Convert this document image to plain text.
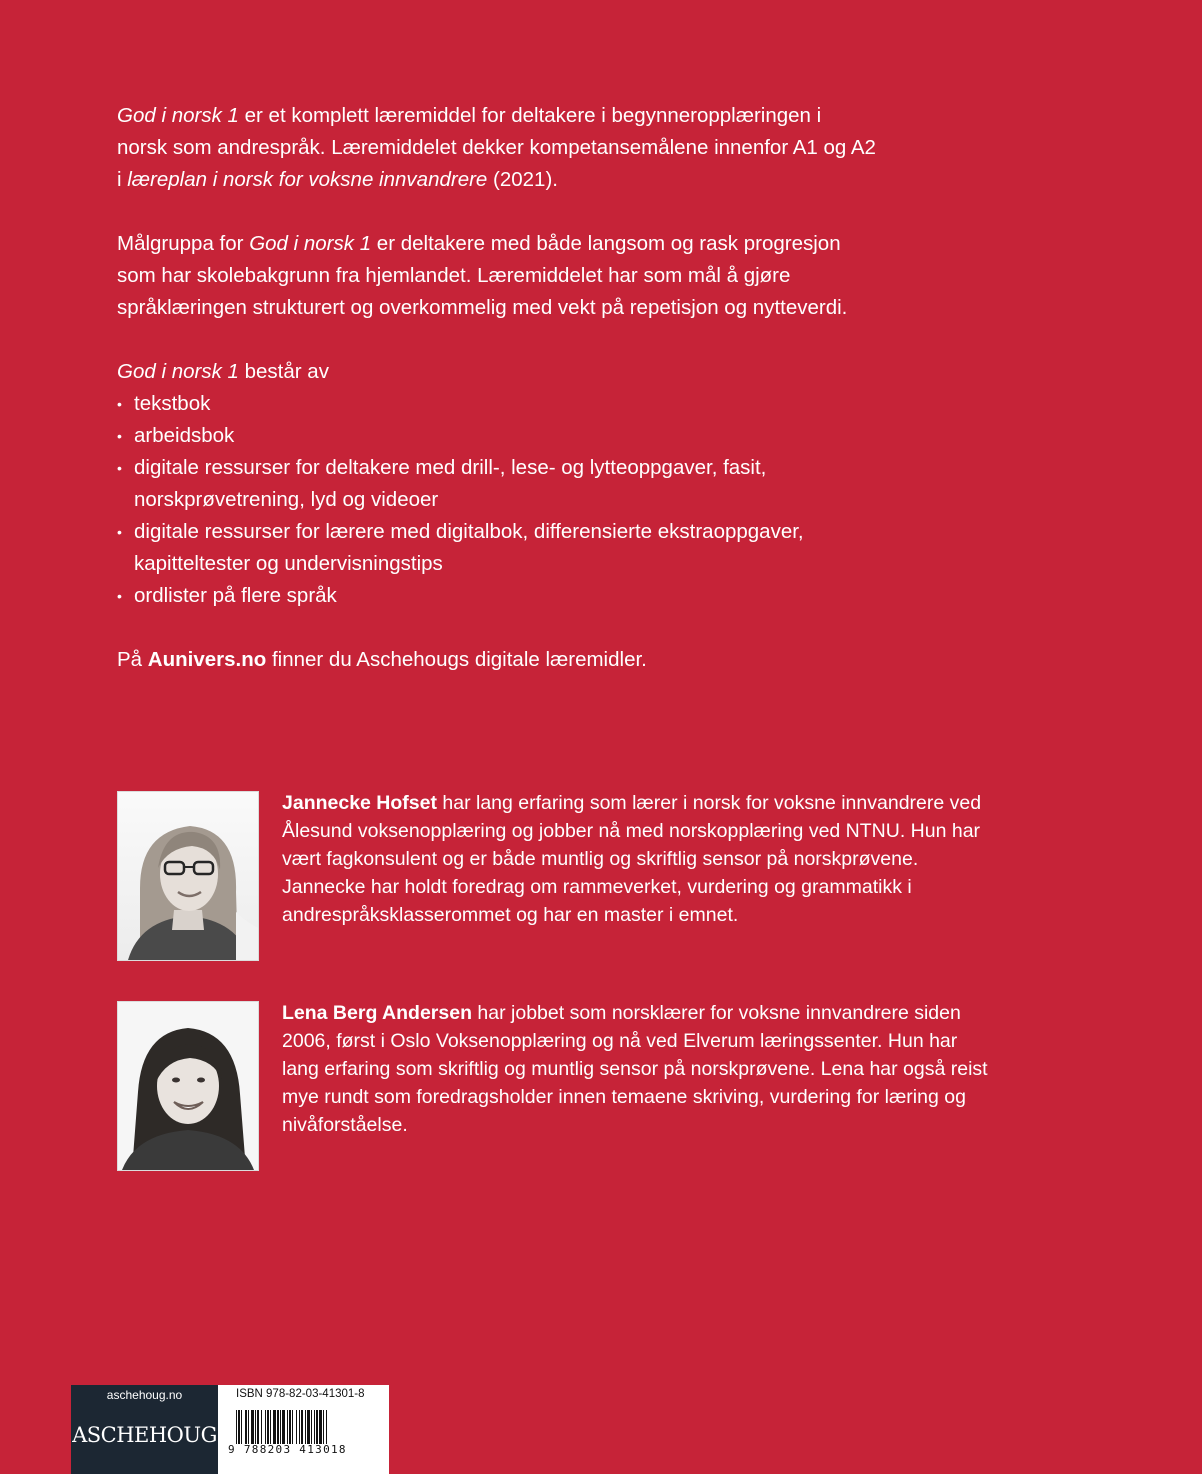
God i norsk 1 er et komplett læremiddel for deltakere i begynneropplæringen i norsk som andrespråk. Læremiddelet dekker kompetansemålene innenfor A1 og A2 i læreplan i norsk for voksne innvandrere (2021).

Målgruppa for God i norsk 1 er deltakere med både langsom og rask progresjon som har skolebakgrunn fra hjemlandet. Læremiddelet har som mål å gjøre språklæringen strukturert og overkommelig med vekt på repetisjon og nytteverdi.

God i norsk 1 består av

• tekstbok
• arbeidsbok
• digitale ressurser for deltakere med drill-, lese- og lytteoppgaver, fasit, norskprøvetrening, lyd og videoer
• digitale ressurser for lærere med digitalbok, differensierte ekstraoppgaver, kapitteltester og undervisningstips
• ordlister på flere språk

På Aunivers.no finner du Aschehougs digitale læremidler.

Jannecke Hofset har lang erfaring som lærer i norsk for voksne innvandrere ved Ålesund voksenopplæring og jobber nå med norskopplæring ved NTNU. Hun har vært fagkonsulent og er både muntlig og skriftlig sensor på norskprøvene. Jannecke har holdt foredrag om rammeverket, vurdering og grammatikk i andrespråksklasserommet og har en master i emnet.

Lena Berg Andersen har jobbet som norsklærer for voksne innvandrere siden 2006, først i Oslo Voksenopplæring og nå ved Elverum læringssenter. Hun har lang erfaring som skriftlig og muntlig sensor på norskprøvene. Lena har også reist mye rundt som foredragsholder innen temaene skriving, vurdering for læring og nivåforståelse.

aschehoug.no
ASCHEHOUG
ISBN 978-82-03-41301-8
9 788203 413018
